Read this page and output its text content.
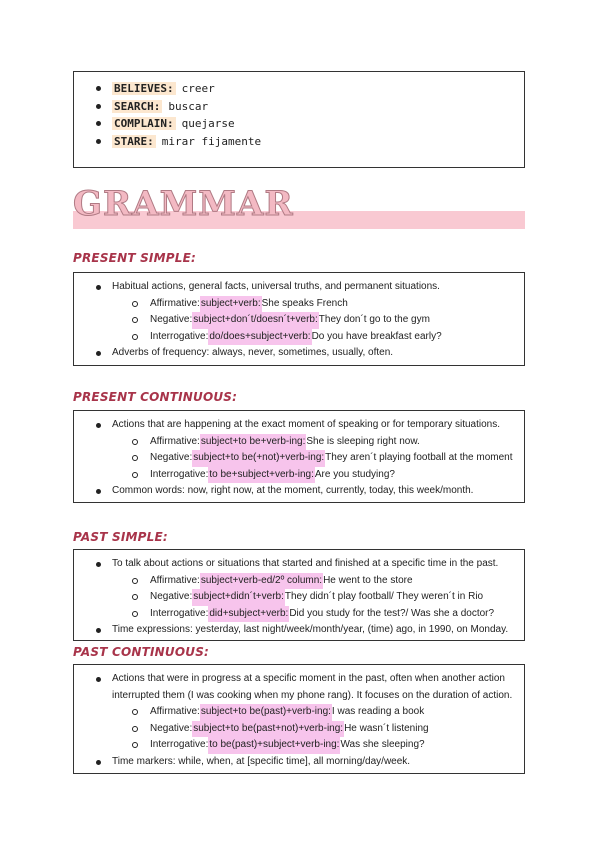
BELIEVES: creer
SEARCH: buscar
COMPLAIN: quejarse
STARE: mirar fijamente
GRAMMAR
PRESENT SIMPLE:
Habitual actions, general facts, universal truths, and permanent situations.
Affirmative: subject+verb: She speaks French
Negative: subject+don´t/doesn´t+verb: They don´t go to the gym
Interrogative: do/does+subject+verb: Do you have breakfast early?
Adverbs of frequency: always, never, sometimes, usually, often.
PRESENT CONTINUOUS:
Actions that are happening at the exact moment of speaking or for temporary situations.
Affirmative: subject+to be+verb-ing: She is sleeping right now.
Negative: subject+to be(+not)+verb-ing: They aren´t playing football at the moment
Interrogative: to be+subject+verb-ing: Are you studying?
Common words: now, right now, at the moment, currently, today, this week/month.
PAST SIMPLE:
To talk about actions or situations that started and finished at a specific time in the past.
Affirmative: subject+verb-ed/2º column: He went to the store
Negative: subject+didn´t+verb: They didn´t play football/ They weren´t in Rio
Interrogative: did+subject+verb: Did you study for the test?/ Was she a doctor?
Time expressions: yesterday, last night/week/month/year, (time) ago, in 1990, on Monday.
PAST CONTINUOUS:
Actions that were in progress at a specific moment in the past, often when another action interrupted them (I was cooking when my phone rang). It focuses on the duration of action.
Affirmative: subject+to be(past)+verb-ing: I was reading a book
Negative: subject+to be(past+not)+verb-ing: He wasn´t listening
Interrogative: to be(past)+subject+verb-ing: Was she sleeping?
Time markers: while, when, at [specific time], all morning/day/week.
